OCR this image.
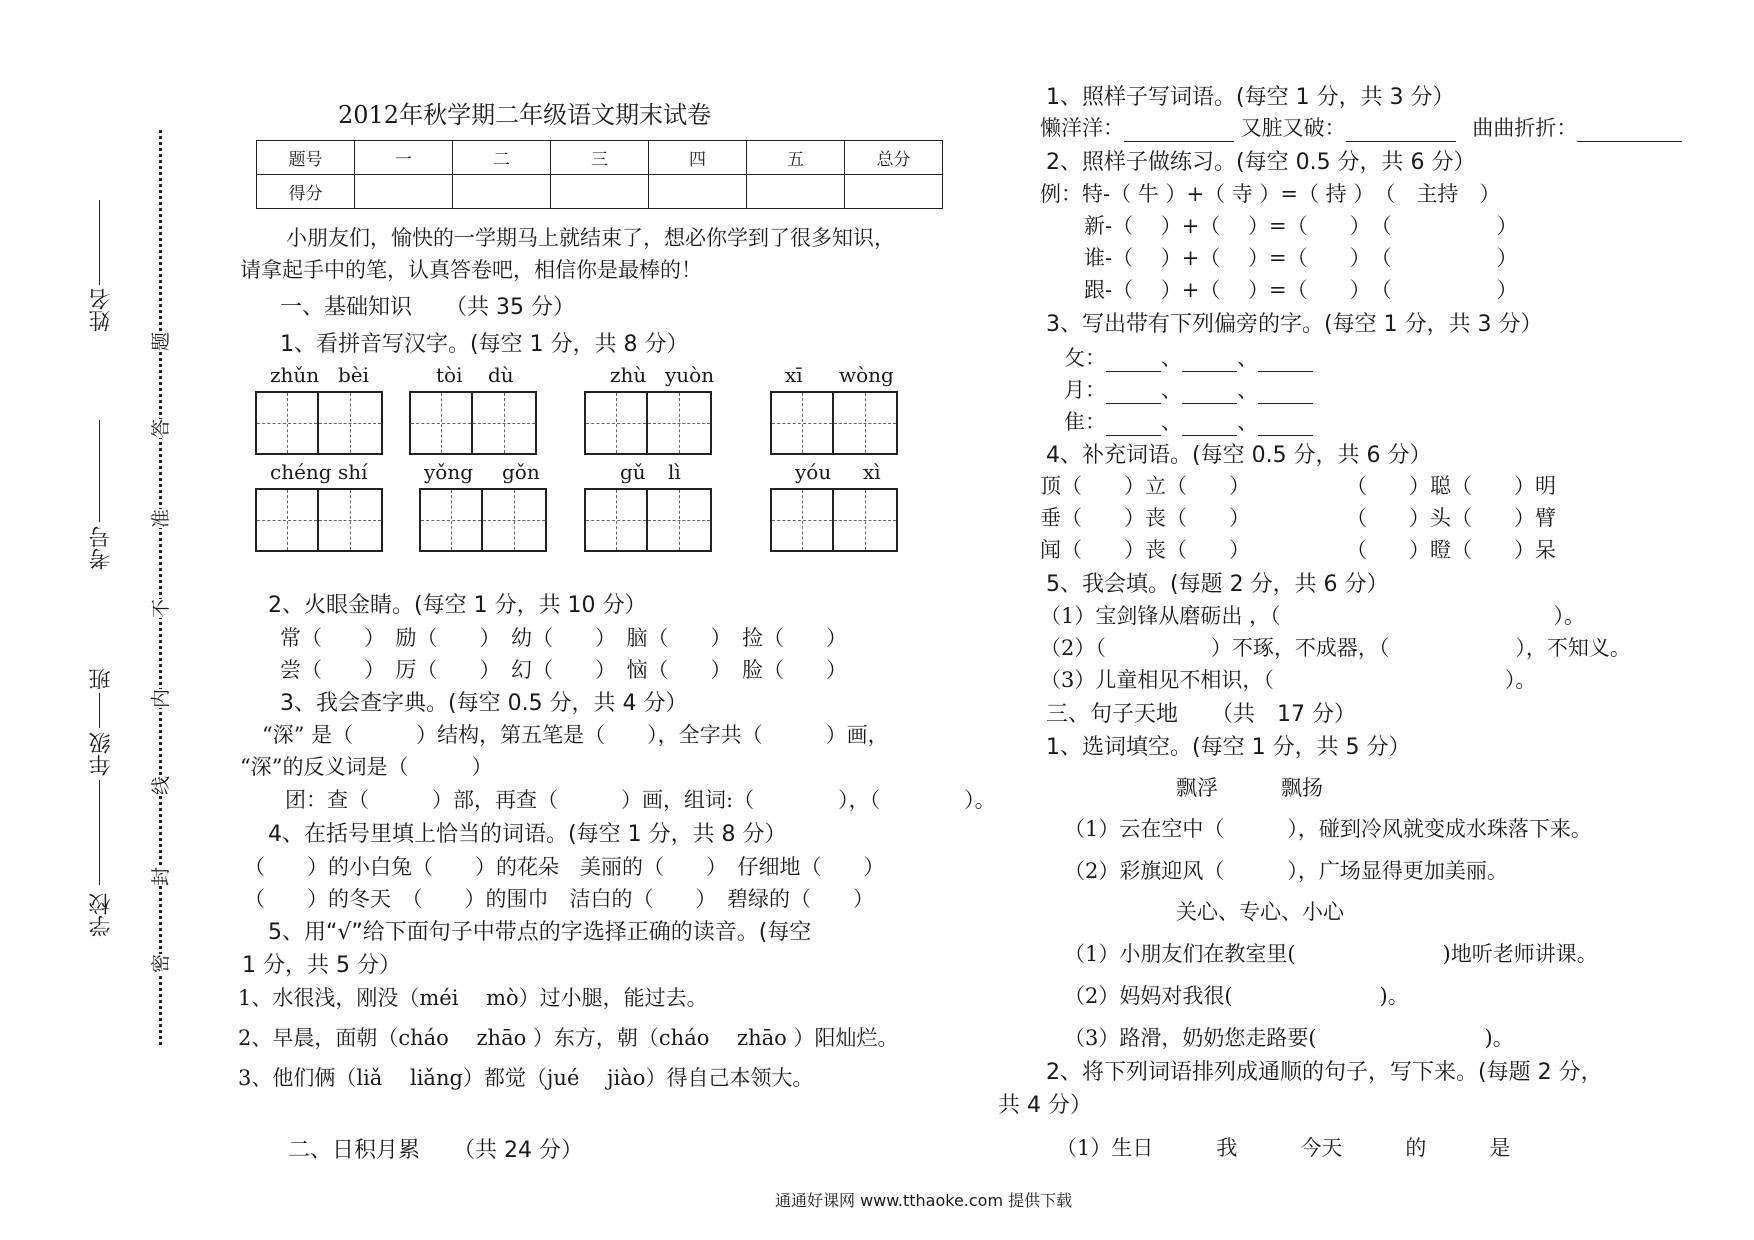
姓名
考号
班
年级
学校
题
答
准
不
内
线
封
密
2012年秋学期二年级语文期末试卷
题号	一	二	三	四	五	总分
得分						
小朋友们，愉快的一学期马上就结束了，想必你学到了很多知识，
请拿起手中的笔，认真答卷吧，相信你是最棒的！
一、基础知识　　（共 35 分）
1、看拼音写汉字。(每空 1 分，共 8 分）
zhǔn bèi	tòi dù	zhù yuòn	xī wòng
chéng shí	yǒng gǒn	gǔ lì	yóu xì
2、火眼金睛。(每空 1 分，共 10 分）
常（　　）　励（　　）　幼（　　）　脑（　　）　捡（　　）
尝（　　）　厉（　　）　幻（　　）　恼（　　）　脸（　　）
3、我会查字典。(每空 0.5 分，共 4 分）
“深” 是（　　　）结构，第五笔是（　　），全字共（　　　）画，
“深”的反义词是（　　　）
团：查（　　　）部，再查（　　　）画，组词:（　　　　），（　　　　）。
4、在括号里填上恰当的词语。(每空 1 分，共 8 分）
（　　）的小白兔（　　）的花朵　美丽的（　　）　仔细地（　　）
（　　）的冬天　（　　）的围巾　洁白的（　　）　碧绿的（　　）
5、用“√”给下面句子中带点的字选择正确的读音。(每空
1 分，共 5 分）
1、水很浅，刚没（méi　 mò）过小腿，能过去。
2、早晨，面朝（cháo　 zhāo ）东方，朝（cháo　 zhāo ）阳灿烂。
3、他们俩（liǎ　 liǎng）都觉（jué　 jiào）得自己本领大。
二、日积月累　　（共 24 分）
1、照样子写词语。(每空 1 分，共 3 分）
懒洋洋：	又脏又破：	曲曲折折：
2、照样子做练习。(每空 0.5 分，共 6 分）
例：特-（ 牛 ）+（ 寺 ）=（ 持 ）　（　主持　）
新-（　 ）+（　 ）=（　　）　（　　　　　）
谁-（　 ）+（　 ）=（　　）　（　　　　　）
跟-（　 ）+（　 ）=（　　）　（　　　　　）
3、写出带有下列偏旁的字。(每空 1 分，共 3 分）
攵：	、	、
月：	、	、
隹：	、	、
4、补充词语。(每空 0.5 分，共 6 分）
顶（　　）立（　　）	（　　）聪（　　）明
垂（　　）丧（　　）	（　　）头（　　）臂
闻（　　）丧（　　）	（　　）瞪（　　）呆
5、我会填。(每题 2 分，共 6 分）
（1）宝剑锋从磨砺出 ，（　　　　　　　　　　　　　）。
（2）（　　　　　）不琢，不成器，（　　　　　　），不知义。
（3）儿童相见不相识，（　　　　　　　　　　　）。
三、句子天地　　（共　17 分）
1、选词填空。(每空 1 分，共 5 分）
飘浮　　　飘扬
（1）云在空中（　　　），碰到冷风就变成水珠落下来。
（2）彩旗迎风（　　　），广场显得更加美丽。
关心、专心、小心
（1）小朋友们在教室里(　　　　　　　)地听老师讲课。
（2）妈妈对我很(　　　　　　　)。
（3）路滑，奶奶您走路要(　　　　　　　　)。
2、将下列词语排列成通顺的句子，写下来。(每题 2 分，
共 4 分）
（1）生日　　　我　　　今天　　　的　　　是
通通好课网 www.tthaoke.com 提供下载
